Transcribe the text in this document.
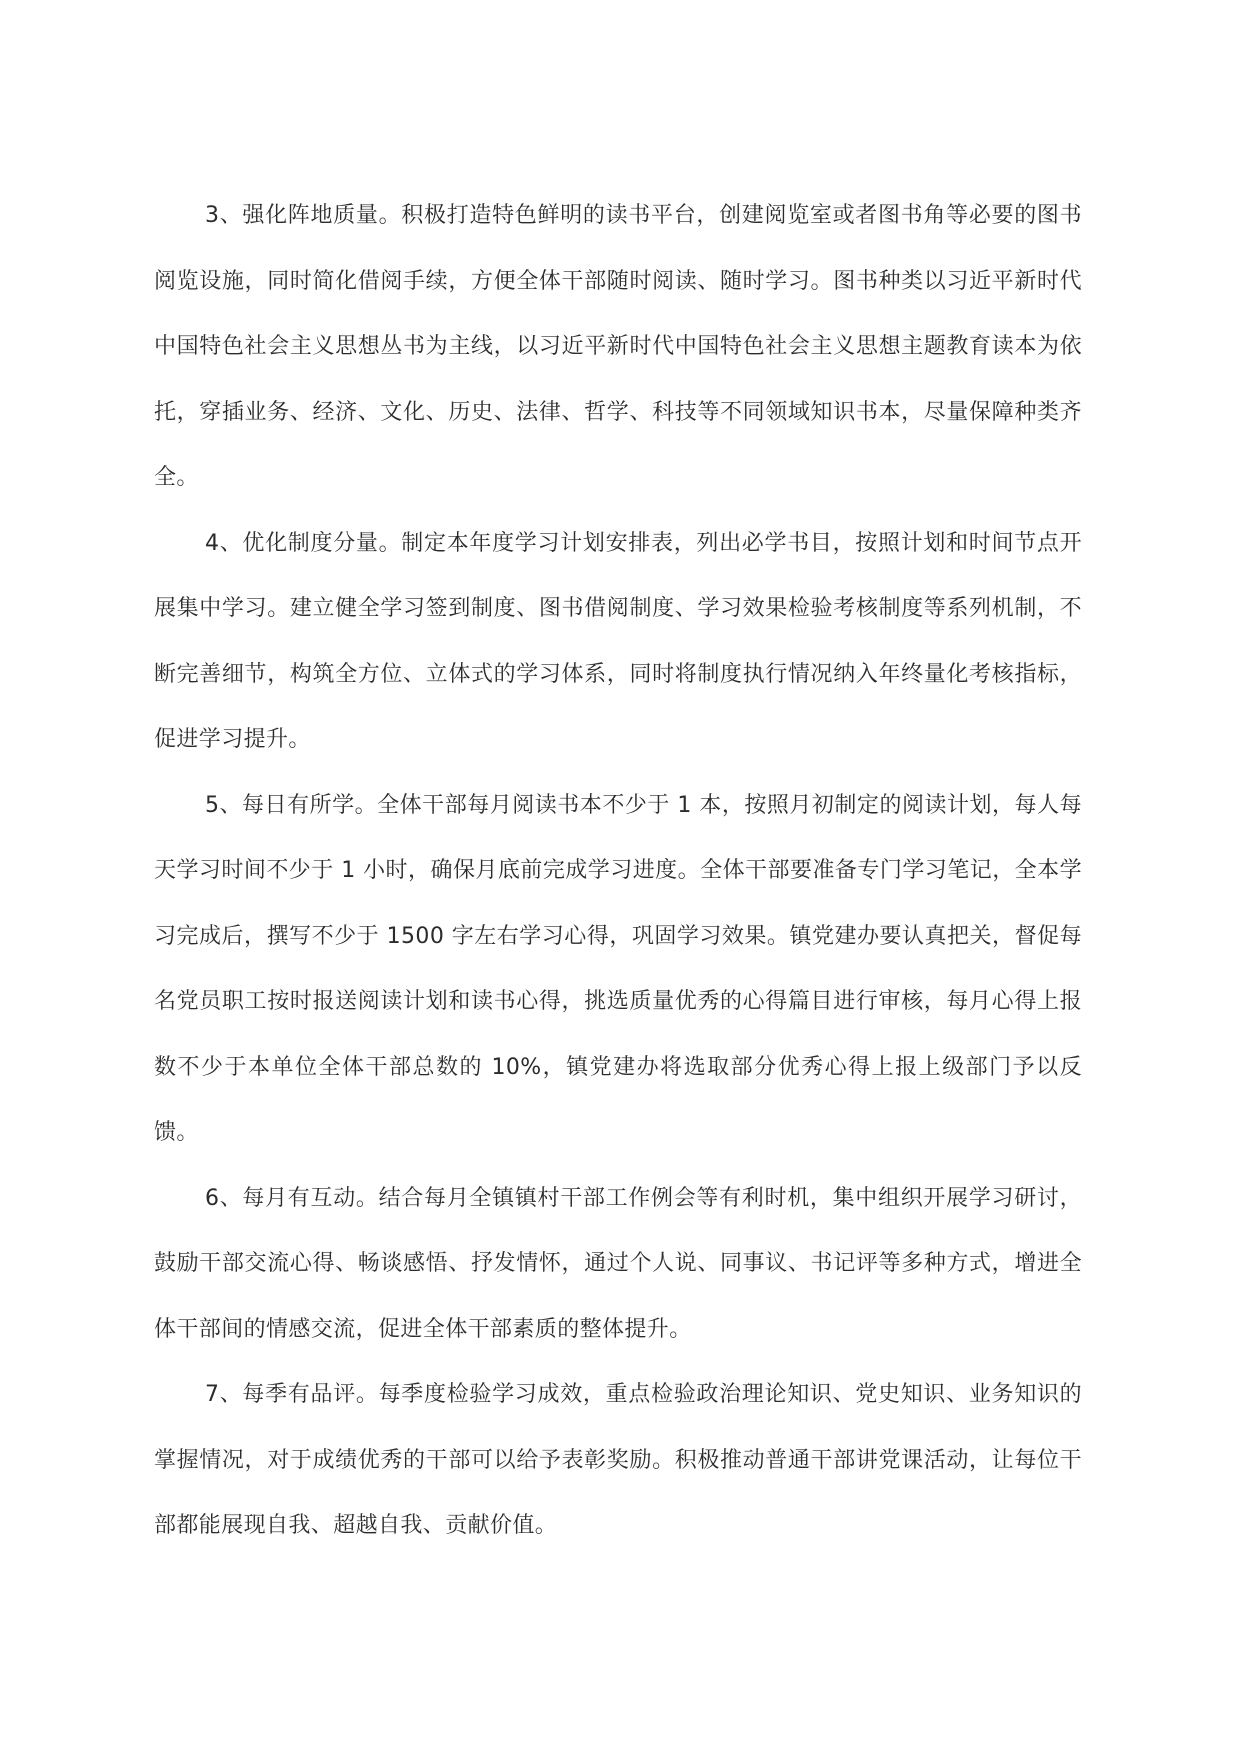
3、强化阵地质量。积极打造特色鲜明的读书平台，创建阅览室或者图书角等必要的图书阅览设施，同时简化借阅手续，方便全体干部随时阅读、随时学习。图书种类以习近平新时代中国特色社会主义思想丛书为主线，以习近平新时代中国特色社会主义思想主题教育读本为依托，穿插业务、经济、文化、历史、法律、哲学、科技等不同领域知识书本，尽量保障种类齐全。

4、优化制度分量。制定本年度学习计划安排表，列出必学书目，按照计划和时间节点开展集中学习。建立健全学习签到制度、图书借阅制度、学习效果检验考核制度等系列机制，不断完善细节，构筑全方位、立体式的学习体系，同时将制度执行情况纳入年终量化考核指标，促进学习提升。

5、每日有所学。全体干部每月阅读书本不少于 1 本，按照月初制定的阅读计划，每人每天学习时间不少于 1 小时，确保月底前完成学习进度。全体干部要准备专门学习笔记，全本学习完成后，撰写不少于 1500 字左右学习心得，巩固学习效果。镇党建办要认真把关，督促每名党员职工按时报送阅读计划和读书心得，挑选质量优秀的心得篇目进行审核，每月心得上报数不少于本单位全体干部总数的 10%，镇党建办将选取部分优秀心得上报上级部门予以反馈。

6、每月有互动。结合每月全镇镇村干部工作例会等有利时机，集中组织开展学习研讨，鼓励干部交流心得、畅谈感悟、抒发情怀，通过个人说、同事议、书记评等多种方式，增进全体干部间的情感交流，促进全体干部素质的整体提升。

7、每季有品评。每季度检验学习成效，重点检验政治理论知识、党史知识、业务知识的掌握情况，对于成绩优秀的干部可以给予表彰奖励。积极推动普通干部讲党课活动，让每位干部都能展现自我、超越自我、贡献价值。
